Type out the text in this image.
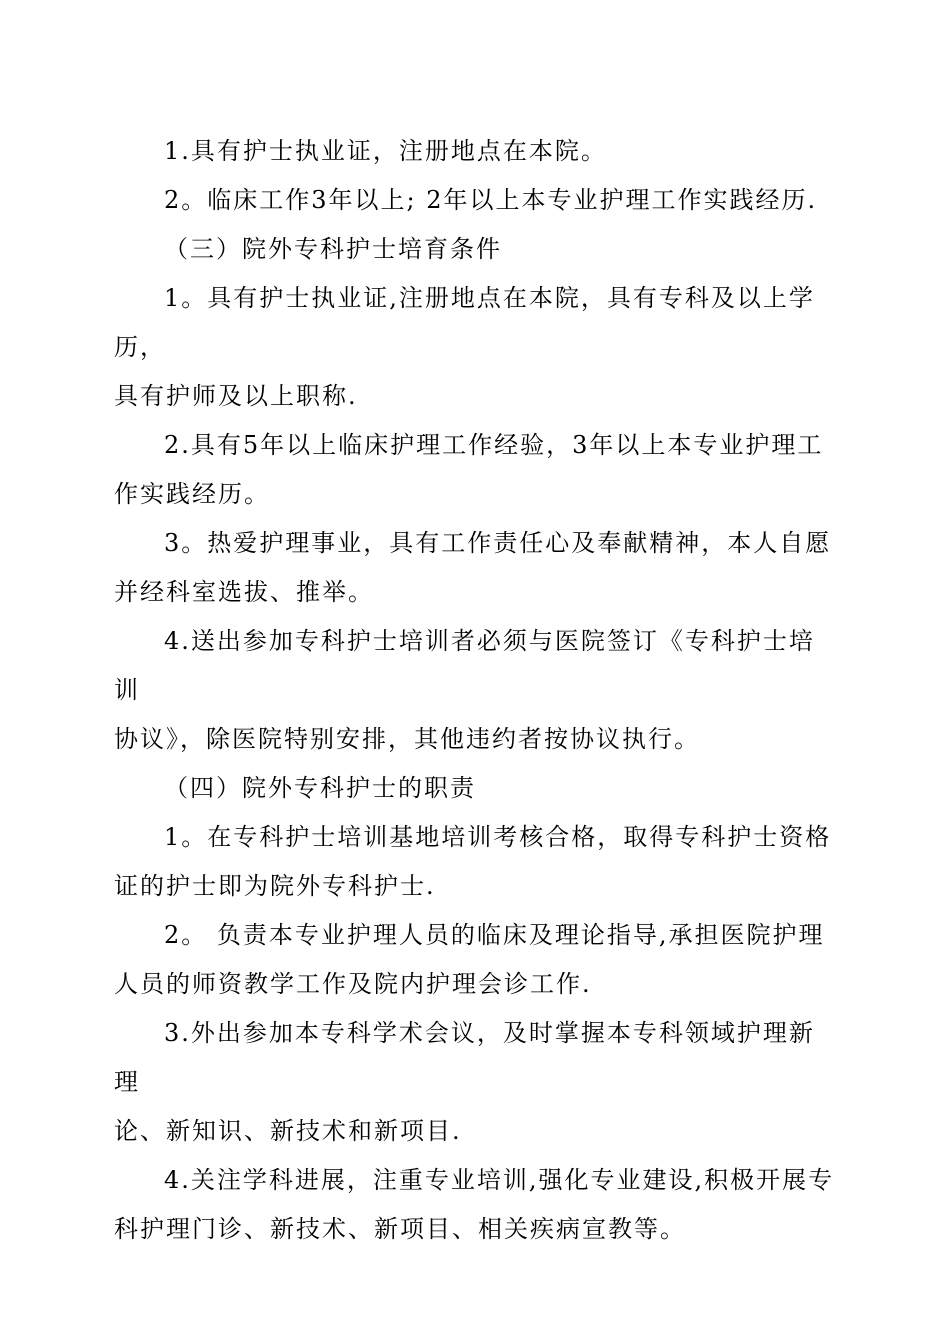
1.具有护士执业证，注册地点在本院。

2。临床工作3年以上; 2年以上本专业护理工作实践经历.

（三）院外专科护士培育条件

1。具有护士执业证,注册地点在本院，具有专科及以上学历，
具有护师及以上职称.

2.具有5年以上临床护理工作经验，3年以上本专业护理工
作实践经历。

3。热爱护理事业，具有工作责任心及奉献精神，本人自愿
并经科室选拔、推举。

4.送出参加专科护士培训者必须与医院签订《专科护士培训
协议》，除医院特别安排，其他违约者按协议执行。

（四）院外专科护士的职责

1。在专科护士培训基地培训考核合格，取得专科护士资格
证的护士即为院外专科护士.

2。 负责本专业护理人员的临床及理论指导,承担医院护理
人员的师资教学工作及院内护理会诊工作.

3.外出参加本专科学术会议，及时掌握本专科领域护理新理
论、新知识、新技术和新项目.

4.关注学科进展，注重专业培训,强化专业建设,积极开展专
科护理门诊、新技术、新项目、相关疾病宣教等。
